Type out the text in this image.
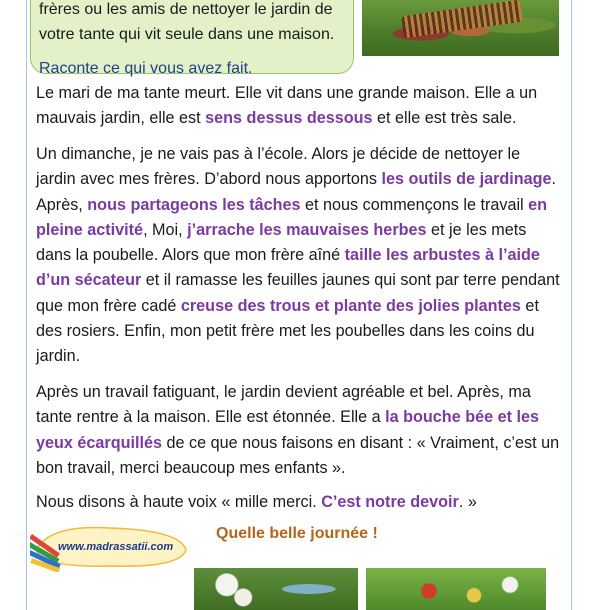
frères ou les amis de nettoyer le jardin de
votre tante qui vit seule dans une maison.
Raconte ce qui vous avez fait.

Le mari de ma tante meurt. Elle vit dans une grande maison. Elle a un mauvais jardin, elle est sens dessus dessous et elle est très sale.

Un dimanche, je ne vais pas à l’école. Alors je décide de nettoyer le jardin avec mes frères. D’abord nous apportons les outils de jardinage. Après, nous partageons les tâches et nous commençons le travail en pleine activité, Moi, j’arrache les mauvaises herbes et je les mets dans la poubelle. Alors que mon frère aîné taille les arbustes à l’aide d’un sécateur et il ramasse les feuilles jaunes qui sont par terre pendant que mon frère cadé creuse des trous et plante des jolies plantes et des rosiers. Enfin, mon petit frère met les poubelles dans les coins du jardin.

Après un travail fatiguant, le jardin devient agréable et bel. Après, ma tante rentre à la maison. Elle est étonnée. Elle a la bouche bée et les yeux écarquillés de ce que nous faisons en disant : « Vraiment, c’est un bon travail, merci beaucoup mes enfants ».

Nous disons à haute voix « mille merci. C’est notre devoir. »

www.madrassatii.com
Quelle belle journée !
